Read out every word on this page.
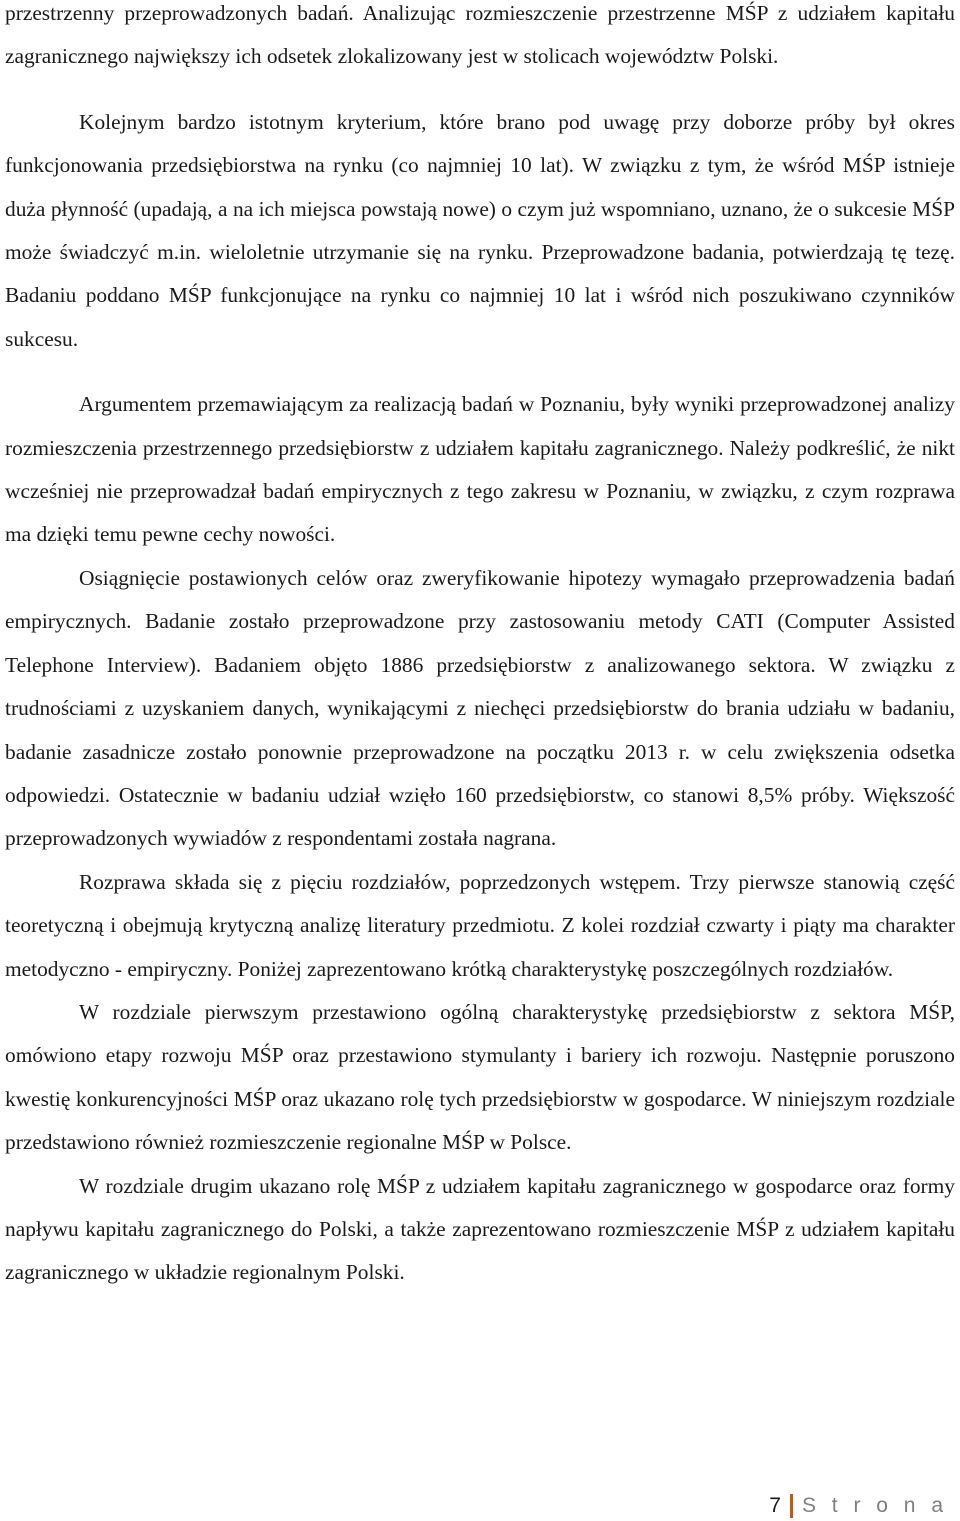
przestrzenny przeprowadzonych badań. Analizując rozmieszczenie przestrzenne MŚP z udziałem kapitału zagranicznego największy ich odsetek zlokalizowany jest w stolicach województw Polski.

Kolejnym bardzo istotnym kryterium, które brano pod uwagę przy doborze próby był okres funkcjonowania przedsiębiorstwa na rynku (co najmniej 10 lat). W związku z tym, że wśród MŚP istnieje duża płynność (upadają, a na ich miejsca powstają nowe) o czym już wspomniano, uznano, że o sukcesie MŚP może świadczyć m.in. wieloletnie utrzymanie się na rynku. Przeprowadzone badania, potwierdzają tę tezę. Badaniu poddano MŚP funkcjonujące na rynku co najmniej 10 lat i wśród nich poszukiwano czynników sukcesu.

Argumentem przemawiającym za realizacją badań w Poznaniu, były wyniki przeprowadzonej analizy rozmieszczenia przestrzennego przedsiębiorstw z udziałem kapitału zagranicznego. Należy podkreślić, że nikt wcześniej nie przeprowadzał badań empirycznych z tego zakresu w Poznaniu, w związku, z czym rozprawa ma dzięki temu pewne cechy nowości.

Osiągnięcie postawionych celów oraz zweryfikowanie hipotezy wymagało przeprowadzenia badań empirycznych. Badanie zostało przeprowadzone przy zastosowaniu metody CATI (Computer Assisted Telephone Interview). Badaniem objęto 1886 przedsiębiorstw z analizowanego sektora. W związku z trudnościami z uzyskaniem danych, wynikającymi z niechęci przedsiębiorstw do brania udziału w badaniu, badanie zasadnicze zostało ponownie przeprowadzone na początku 2013 r. w celu zwiększenia odsetka odpowiedzi. Ostatecznie w badaniu udział wzięło 160 przedsiębiorstw, co stanowi 8,5% próby. Większość przeprowadzonych wywiadów z respondentami została nagrana.

Rozprawa składa się z pięciu rozdziałów, poprzedzonych wstępem. Trzy pierwsze stanowią część teoretyczną i obejmują krytyczną analizę literatury przedmiotu. Z kolei rozdział czwarty i piąty ma charakter metodyczno - empiryczny. Poniżej zaprezentowano krótką charakterystykę poszczególnych rozdziałów.

W rozdziale pierwszym przestawiono ogólną charakterystykę przedsiębiorstw z sektora MŚP, omówiono etapy rozwoju MŚP oraz przestawiono stymulanty i bariery ich rozwoju. Następnie poruszono kwestię konkurencyjności MŚP oraz ukazano rolę tych przedsiębiorstw w gospodarce. W niniejszym rozdziale przedstawiono również rozmieszczenie regionalne MŚP w Polsce.

W rozdziale drugim ukazano rolę MŚP z udziałem kapitału zagranicznego w gospodarce oraz formy napływu kapitału zagranicznego do Polski, a także zaprezentowano rozmieszczenie MŚP z udziałem kapitału zagranicznego w układzie regionalnym Polski.

7 S t r o n a
